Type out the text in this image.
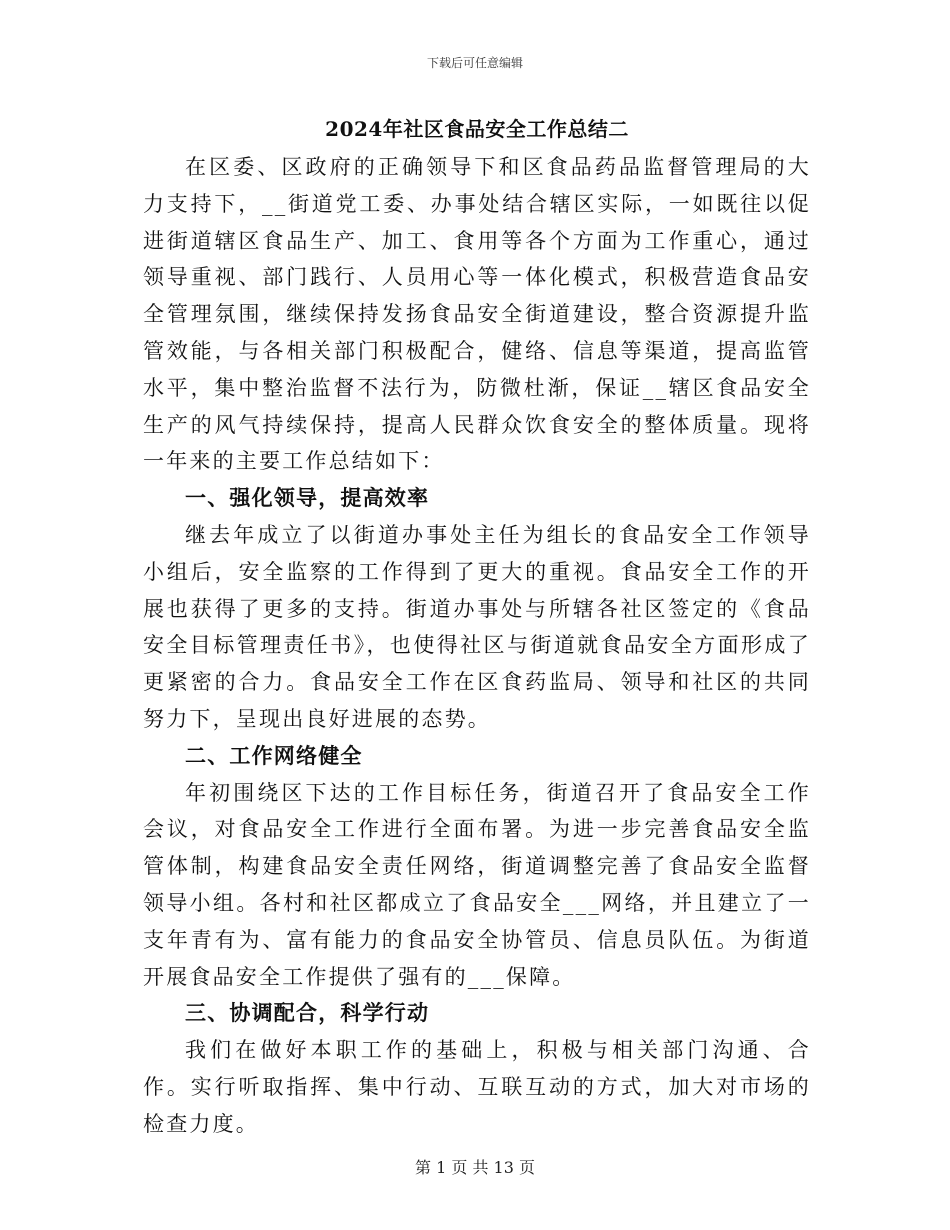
下载后可任意编辑
2024年社区食品安全工作总结二

在区委、区政府的正确领导下和区食品药品监督管理局的大力支持下，__街道党工委、办事处结合辖区实际，一如既往以促进街道辖区食品生产、加工、食用等各个方面为工作重心，通过领导重视、部门践行、人员用心等一体化模式，积极营造食品安全管理氛围，继续保持发扬食品安全街道建设，整合资源提升监管效能，与各相关部门积极配合，健络、信息等渠道，提高监管水平，集中整治监督不法行为，防微杜渐，保证__辖区食品安全生产的风气持续保持，提高人民群众饮食安全的整体质量。现将一年来的主要工作总结如下：

一、强化领导，提高效率

继去年成立了以街道办事处主任为组长的食品安全工作领导小组后，安全监察的工作得到了更大的重视。食品安全工作的开展也获得了更多的支持。街道办事处与所辖各社区签定的《食品安全目标管理责任书》，也使得社区与街道就食品安全方面形成了更紧密的合力。食品安全工作在区食药监局、领导和社区的共同努力下，呈现出良好进展的态势。

二、工作网络健全

年初围绕区下达的工作目标任务，街道召开了食品安全工作会议，对食品安全工作进行全面布署。为进一步完善食品安全监管体制，构建食品安全责任网络，街道调整完善了食品安全监督领导小组。各村和社区都成立了食品安全___网络，并且建立了一支年青有为、富有能力的食品安全协管员、信息员队伍。为街道开展食品安全工作提供了强有的___保障。

三、协调配合，科学行动

我们在做好本职工作的基础上，积极与相关部门沟通、合作。实行听取指挥、集中行动、互联互动的方式，加大对市场的检查力度。

第 1 页 共 13 页
